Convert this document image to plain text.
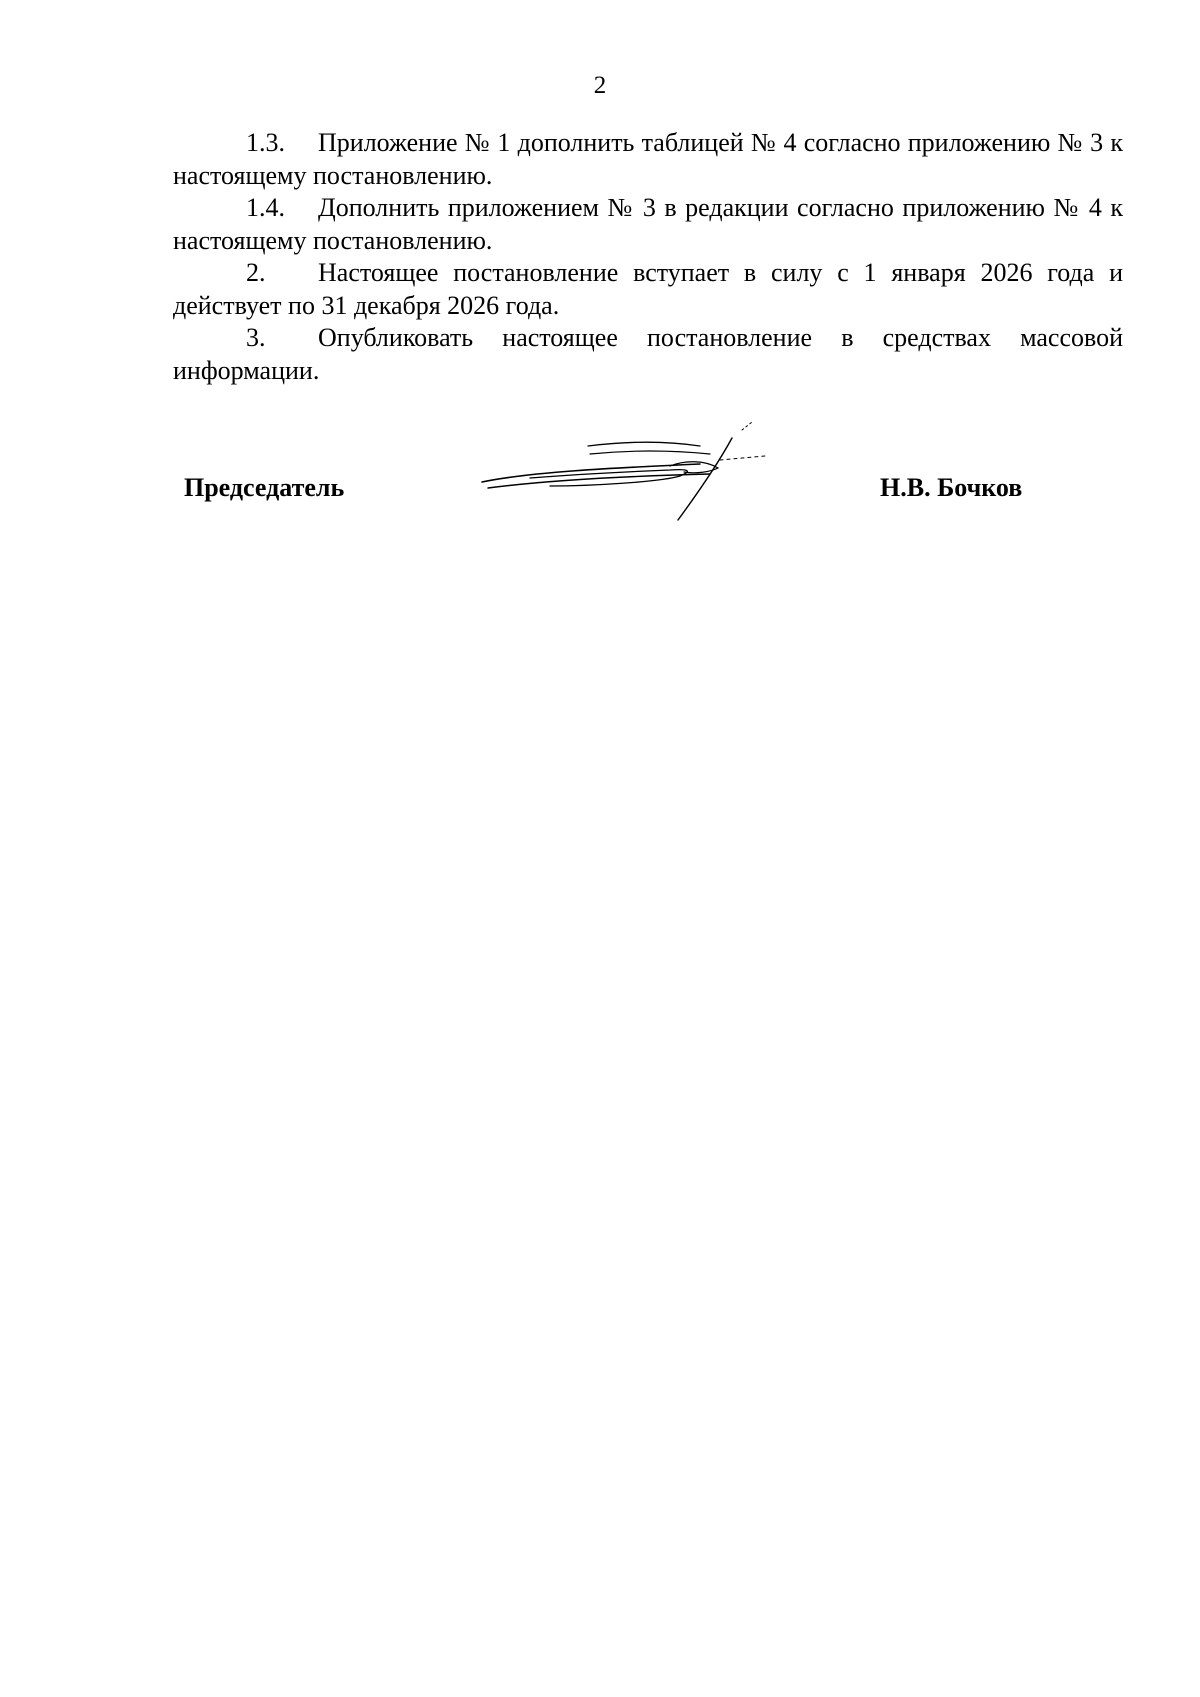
2

1.3. Приложение № 1 дополнить таблицей № 4 согласно приложению № 3 к настоящему постановлению.

1.4. Дополнить приложением № 3 в редакции согласно приложению № 4 к настоящему постановлению.

2. Настоящее постановление вступает в силу с 1 января 2026 года и действует по 31 декабря 2026 года.

3. Опубликовать настоящее постановление в средствах массовой информации.

Председатель	Н.В. Бочков
